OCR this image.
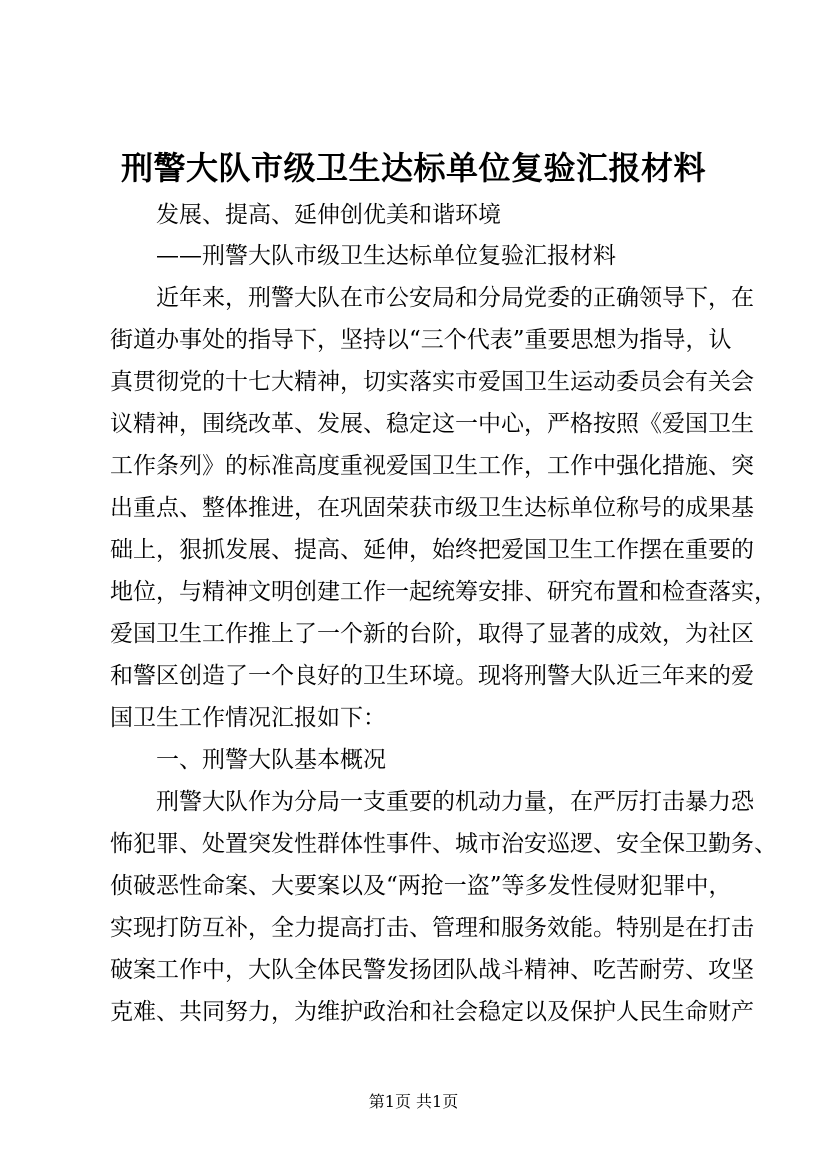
刑警大队市级卫生达标单位复验汇报材料
发展、提高、延伸创优美和谐环境
——刑警大队市级卫生达标单位复验汇报材料
近年来，刑警大队在市公安局和分局党委的正确领导下，在
街道办事处的指导下，坚持以“三个代表”重要思想为指导，认
真贯彻党的十七大精神，切实落实市爱国卫生运动委员会有关会
议精神，围绕改革、发展、稳定这一中心，严格按照《爱国卫生
工作条列》的标准高度重视爱国卫生工作，工作中强化措施、突
出重点、整体推进，在巩固荣获市级卫生达标单位称号的成果基
础上，狠抓发展、提高、延伸，始终把爱国卫生工作摆在重要的
地位，与精神文明创建工作一起统筹安排、研究布置和检查落实，
爱国卫生工作推上了一个新的台阶，取得了显著的成效，为社区
和警区创造了一个良好的卫生环境。现将刑警大队近三年来的爱
国卫生工作情况汇报如下：
一、刑警大队基本概况
刑警大队作为分局一支重要的机动力量，在严厉打击暴力恐
怖犯罪、处置突发性群体性事件、城市治安巡逻、安全保卫勤务、
侦破恶性命案、大要案以及“两抢一盗”等多发性侵财犯罪中，
实现打防互补，全力提高打击、管理和服务效能。特别是在打击
破案工作中，大队全体民警发扬团队战斗精神、吃苦耐劳、攻坚
克难、共同努力，为维护政治和社会稳定以及保护人民生命财产
第1页 共1页
